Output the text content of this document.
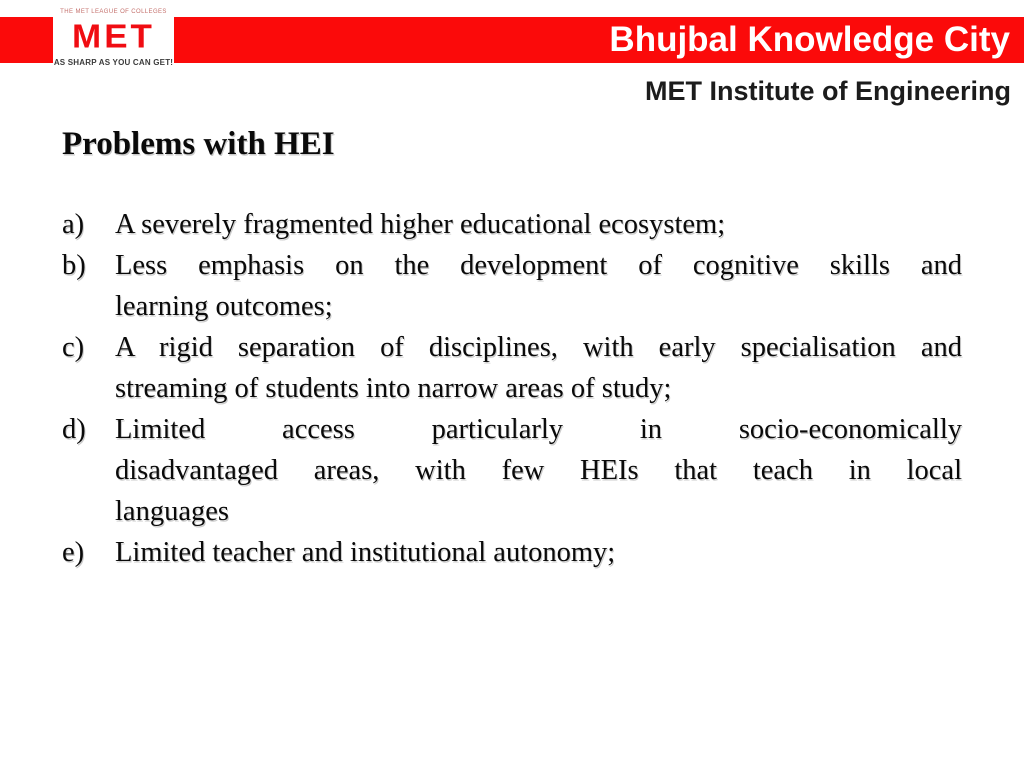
Bhujbal Knowledge City
MET Institute of Engineering
THE MET LEAGUE OF COLLEGES
MET
AS SHARP AS YOU CAN GET!
Problems with HEI
a) A severely fragmented higher educational ecosystem;
b) Less emphasis on the development of cognitive skills and
learning outcomes;
c) A rigid separation of disciplines, with early specialisation and
streaming of students into narrow areas of study;
d) Limited access particularly in socio-economically
disadvantaged areas, with few HEIs that teach in local
languages
e) Limited teacher and institutional autonomy;
